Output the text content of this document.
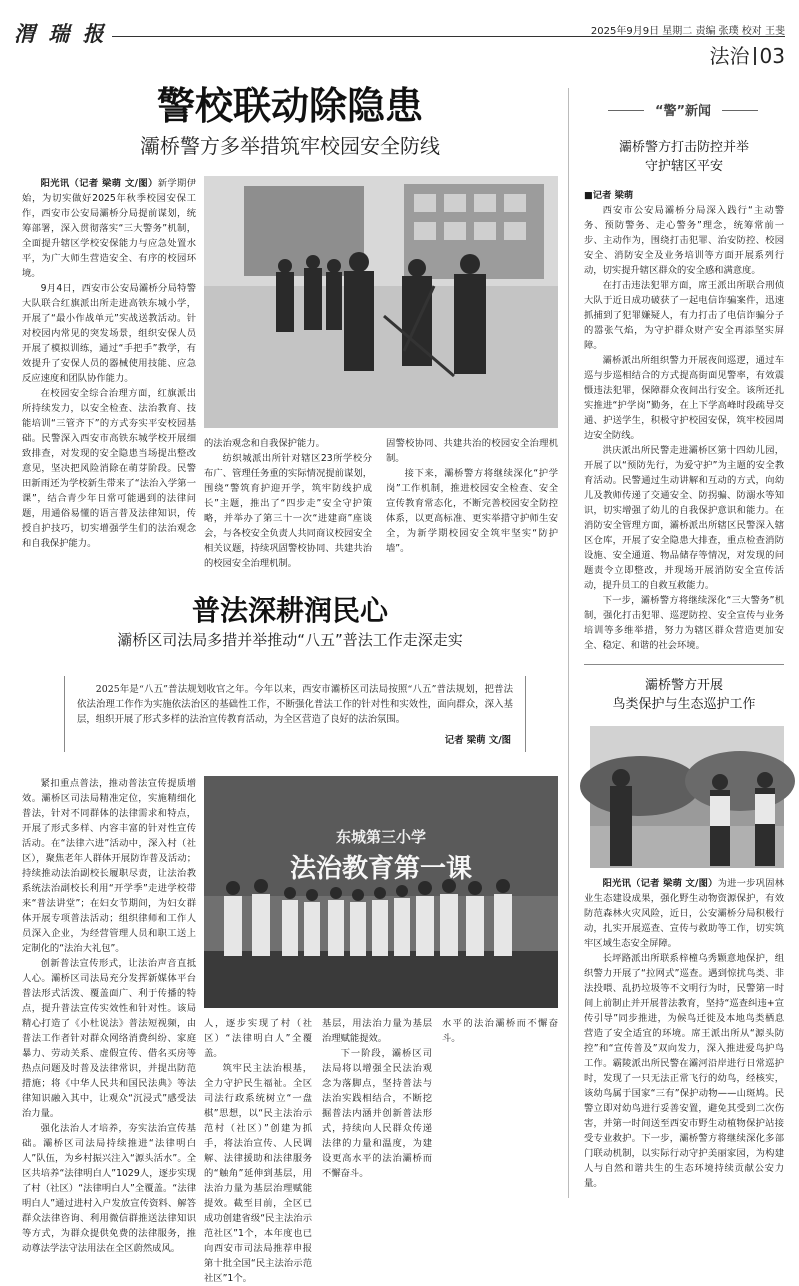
渭 瑞 报	2025年9月9日 星期二 责编 张璞 校对 王斐
法治 03
警校联动除隐患
灞桥警方多举措筑牢校园安全防线

阳光讯（记者 梁萌 文/图）新学期伊始，为切实做好2025年秋季校园安保工作，西安市公安局灞桥分局提前谋划，统筹部署，深入贯彻落实“三大警务”机制，全面提升辖区学校安保能力与应急处置水平，为广大师生营造安全、有序的校园环境。

9月4日，西安市公安局灞桥分局特警大队联合红旗派出所走进高铁东城小学，开展了“最小作战单元”实战送教活动。针对校园内常见的突发场景，组织安保人员开展了模拟训练，通过“手把手”教学，有效提升了安保人员的器械使用技能、应急反应速度和团队协作能力。

在校园安全综合治理方面，红旗派出所持续发力，以安全检查、法治教育、技能培训“三管齐下”的方式夯实平安校园基础。民警深入西安市高铁东城学校开展细致排查，对发现的安全隐患当场提出整改意见，坚决把风险消除在萌芽阶段。民警田新雨还为学校新生带来了“法治入学第一课”，结合青少年日常可能遇到的法律问题，用通俗易懂的语言普及法律知识，传授自护技巧，切实增强学生们的法治观念和自我保护能力。

的法治观念和自我保护能力。

纺织城派出所针对辖区23所学校分布广、管理任务重的实际情况提前谋划，围绕“警筑育护迎开学，筑牢防线护成长”主题，推出了“四步走”安全守护策略，并举办了第三十一次“进建商”座谈会，与各校安全负责人共同商议校园安全相关议题，持续巩固警校协同、共建共治的校园安全治理机制。

固警校协同、共建共治的校园安全治理机制。

接下来，灞桥警方将继续深化“护学岗”工作机制，推进校园安全检查、安全宣传教育常态化，不断完善校园安全防控体系，以更高标准、更实举措守护师生安全，为新学期校园安全筑牢坚实“防护墙”。

普法深耕润民心
灞桥区司法局多措并举推动“八五”普法工作走深走实
2025年是“八五”普法规划收官之年。今年以来，西安市灞桥区司法局按照“八五”普法规划，把普法依法治理工作作为实施依法治区的基础性工作，不断强化普法工作的针对性和实效性，面向群众，深入基层，组织开展了形式多样的法治宣传教育活动，为全区营造了良好的法治氛围。
记者 梁萌 文/图

紧扣重点普法，推动普法宣传提质增效。灞桥区司法局精准定位，实施精细化普法，针对不同群体的法律需求和特点，开展了形式多样、内容丰富的针对性宣传活动。在“法律六进”活动中，深入村（社区），聚焦老年人群体开展防诈普及活动；持续推动法治副校长履职尽责，让法治教系统法治副校长利用“开学季”走进学校带来“普法讲堂”；在妇女节期间，为妇女群体开展专项普法活动；组织律师和工作人员深入企业，为经营管理人员和职工送上定制化的“法治大礼包”。

创新普法宣传形式，让法治声音直抵人心。灞桥区司法局充分发挥新媒体平台普法形式活泼、覆盖面广、利于传播的特点，提升普法宣传实效性和针对性。该局精心打造了《小杜说法》普法短视频，由普法工作者针对群众网络消费纠纷、家庭暴力、劳动关系、虚假宣传、借名买房等热点问题及时普及法律常识，并提出防范措施；将《中华人民共和国民法典》等法律知识融入其中，让观众“沉浸式”感受法治力量。

强化法治人才培养，夯实法治宣传基础。灞桥区司法局持续推进“法律明白人”队伍，为乡村振兴注入“源头活水”。全区共培养“法律明白人”1029人，逐步实现了村（社区）“法律明白人”全覆盖。“法律明白人”通过进村入户发放宣传资料、解答群众法律咨询、利用微信群推送法律知识等方式，为群众提供免费的法律服务，推动尊法学法守法用法在全区蔚然成风。

东城第三小学
法治教育第一课

人，逐步实现了村（社区）“法律明白人”全覆盖。

筑牢民主法治根基，全力守护民生福祉。全区司法行政系统树立“一盘棋”思想，以“民主法治示范村（社区）”创建为抓手，将法治宣传、人民调解、法律援助和法律服务的“触角”延伸到基层，用法治力量为基层治理赋能提效。截至目前，全区已成功创建省级“民主法治示范社区”1个，本年度也已向西安市司法局推荐申报第十批全国“民主法治示范社区”1个。

基层，用法治力量为基层治理赋能提效。

下一阶段，灞桥区司法局将以增强全民法治观念为落脚点，坚持普法与法治实践相结合，不断挖掘普法内涵并创新普法形式，持续向人民群众传递法律的力量和温度，为建设更高水平的法治灞桥而不懈奋斗。

水平的法治灞桥而不懈奋斗。

“警”新闻
灞桥警方打击防控并举
守护辖区平安

■记者 梁萌

西安市公安局灞桥分局深入践行“主动警务、预防警务、走心警务”理念，统筹常前一步、主动作为，围绕打击犯罪、治安防控、校园安全、消防安全及业务培训等方面开展系列行动，切实提升辖区群众的安全感和满意度。

在打击违法犯罪方面，席王派出所联合刑侦大队于近日成功破获了一起电信诈骗案件，迅速抓捕到了犯罪嫌疑人，有力打击了电信诈骗分子的嚣张气焰，为守护群众财产安全再添坚实屏障。

灞桥派出所组织警力开展夜间巡逻，通过车巡与步巡相结合的方式提高街面见警率，有效震慑违法犯罪，保障群众夜间出行安全。该所还扎实推进“护学岗”勤务，在上下学高峰时段疏导交通、护送学生，积极守护校园安保，筑牢校园周边安全防线。

洪庆派出所民警走进灞桥区第十四幼儿园，开展了以“预防先行，为爱守护”为主题的安全教育活动。民警通过生动讲解和互动的方式，向幼儿及教师传递了交通安全、防拐骗、防溺水等知识，切实增强了幼儿的自我保护意识和能力。在消防安全管理方面，灞桥派出所辖区民警深入辖区仓库，开展了安全隐患大排查，重点检查消防设施、安全通道、物品储存等情况，对发现的问题责令立即整改，并现场开展消防安全宣传活动，提升员工的自救互救能力。

下一步，灞桥警方将继续深化“三大警务”机制，强化打击犯罪、巡逻防控、安全宣传与业务培训等多维举措，努力为辖区群众营造更加安全、稳定、和谐的社会环境。

灞桥警方开展
鸟类保护与生态巡护工作

阳光讯（记者 梁萌 文/图）为进一步巩固林业生态建设成果，强化野生动物资源保护，有效防范森林火灾风险，近日，公安灞桥分局积极行动，扎实开展巡查、宣传与救助等工作，切实筑牢区域生态安全屏障。

长坪路派出所联系梓橦乌秀颗意地保护，组织警力开展了“拉网式”巡查。遇到惊扰鸟类、非法投喂、乱扔垃圾等不文明行为时，民警第一时间上前制止并开展普法教育，坚持“巡查纠违+宣传引导”同步推进，为候鸟迁徙及本地鸟类栖息营造了安全适宜的环境。席王派出所从“源头防控”和“宣传普及”双向发力，深入推进爱鸟护鸟工作。霸陵派出所民警在灞河沿岸进行日常巡护时，发现了一只无法正常飞行的幼鸟，经核实，该幼鸟属于国家“三有”保护动物——山斑鸠。民警立即对幼鸟进行妥善安置，避免其受到二次伤害，并第一时间送至西安市野生动植物保护站接受专业救护。下一步，灞桥警方将继续深化多部门联动机制，以实际行动守护美丽家园，为构建人与自然和谐共生的生态环境持续贡献公安力量。
